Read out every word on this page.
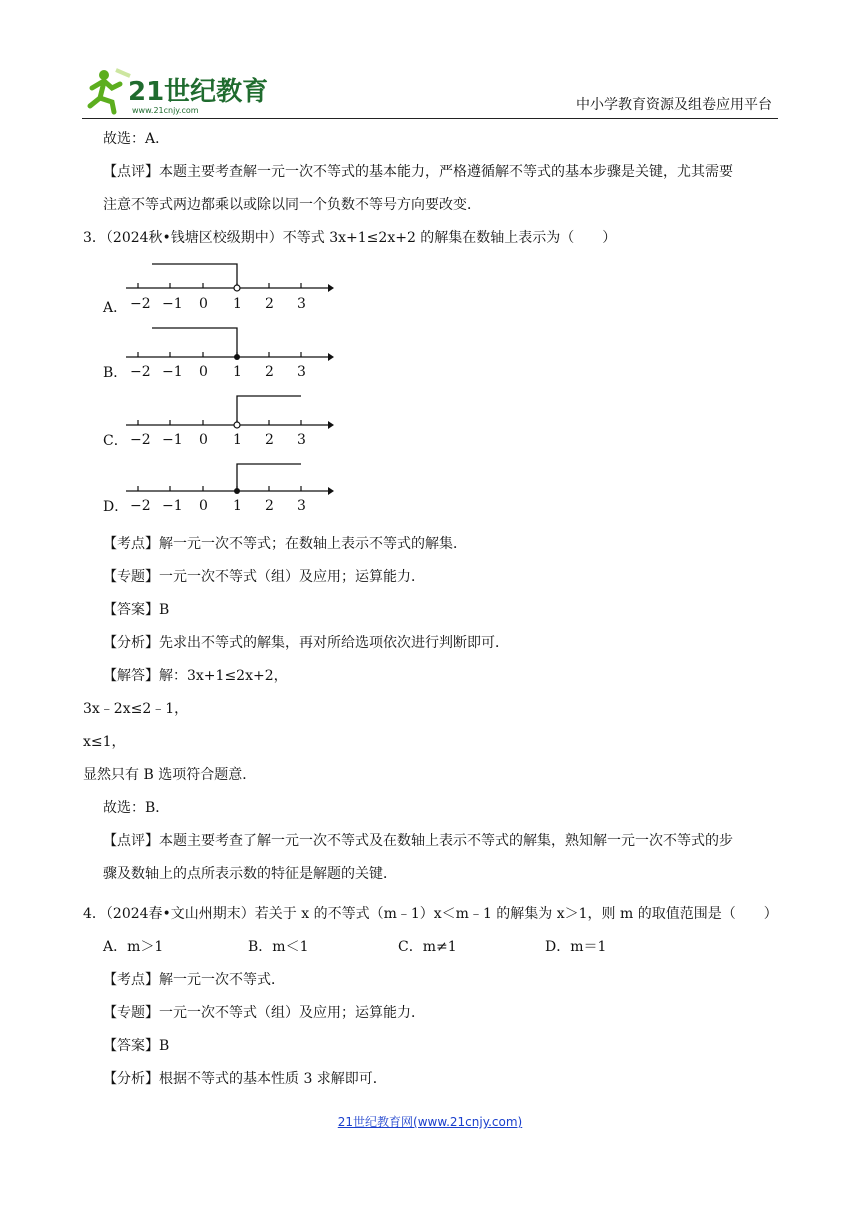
21世纪教育
www.21cnjy.com	中小学教育资源及组卷应用平台
故选：A．
【点评】本题主要考查解一元一次不等式的基本能力，严格遵循解不等式的基本步骤是关键，尤其需要
注意不等式两边都乘以或除以同一个负数不等号方向要改变．
3．（2024秋•钱塘区校级期中）不等式 3x+1≤2x+2 的解集在数轴上表示为（　　）
A． −2 −1 0 1 2 3
B． −2 −1 0 1 2 3
C． −2 −1 0 1 2 3
D． −2 −1 0 1 2 3
【考点】解一元一次不等式；在数轴上表示不等式的解集．
【专题】一元一次不等式（组）及应用；运算能力．
【答案】B
【分析】先求出不等式的解集，再对所给选项依次进行判断即可．
【解答】解：3x+1≤2x+2，
3x﹣2x≤2﹣1，
x≤1，
显然只有 B 选项符合题意．
故选：B．
【点评】本题主要考查了解一元一次不等式及在数轴上表示不等式的解集，熟知解一元一次不等式的步
骤及数轴上的点所表示数的特征是解题的关键．
4．（2024春•文山州期末）若关于 x 的不等式（m﹣1）x＜m﹣1 的解集为 x＞1，则 m 的取值范围是（　　）
A．m＞1	B．m＜1	C．m≠1	D．m＝1
【考点】解一元一次不等式．
【专题】一元一次不等式（组）及应用；运算能力．
【答案】B
【分析】根据不等式的基本性质 3 求解即可．
21世纪教育网(www.21cnjy.com)
